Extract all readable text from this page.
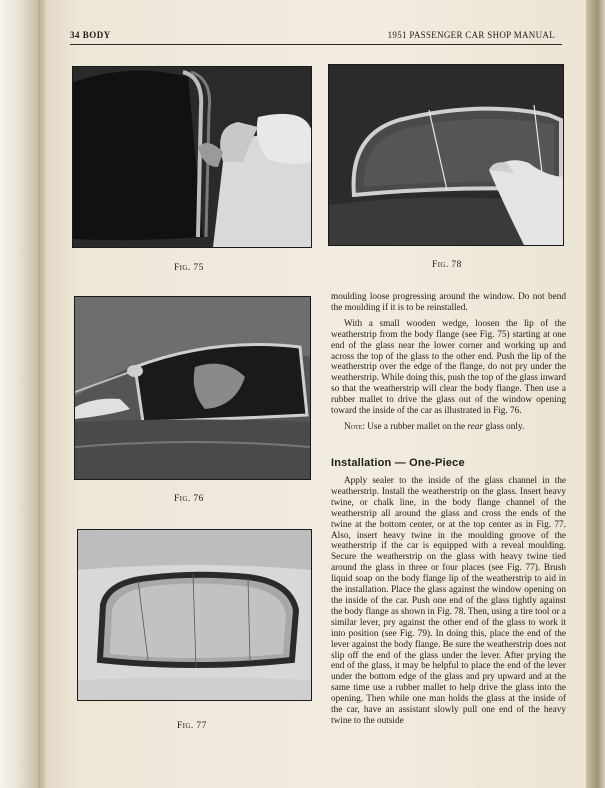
34 BODY	1951 PASSENGER CAR SHOP MANUAL
Fig. 75	Fig. 78
Fig. 76
Fig. 77

moulding loose progressing around the window. Do not bend the moulding if it is to be reinstalled.

With a small wooden wedge, loosen the lip of the weatherstrip from the body flange (see Fig. 75) starting at one end of the glass near the lower corner and working up and across the top of the glass to the other end. Push the lip of the weatherstrip over the edge of the flange, do not pry under the weatherstrip. While doing this, push the top of the glass inward so that the weatherstrip will clear the body flange. Then use a rubber mallet to drive the glass out of the window opening toward the inside of the car as illustrated in Fig. 76.

Note: Use a rubber mallet on the rear glass only.

Installation — One-Piece

Apply sealer to the inside of the glass channel in the weatherstrip. Install the weatherstrip on the glass. Insert heavy twine, or chalk line, in the body flange channel of the weatherstrip all around the glass and cross the ends of the twine at the bottom center, or at the top center as in Fig. 77. Also, insert heavy twine in the moulding groove of the weatherstrip if the car is equipped with a reveal moulding. Secure the weatherstrip on the glass with heavy twine tied around the glass in three or four places (see Fig. 77). Brush liquid soap on the body flange lip of the weatherstrip to aid in the installation. Place the glass against the window opening on the inside of the car. Push one end of the glass tightly against the body flange as shown in Fig. 78. Then, using a tire tool or a similar lever, pry against the other end of the glass to work it into position (see Fig. 79). In doing this, place the end of the lever against the body flange. Be sure the weatherstrip does not slip off the end of the glass under the lever. After prying the end of the glass, it may be helpful to place the end of the lever under the bottom edge of the glass and pry upward and at the same time use a rubber mallet to help drive the glass into the opening. Then while one man holds the glass at the inside of the car, have an assistant slowly pull one end of the heavy twine to the outside
